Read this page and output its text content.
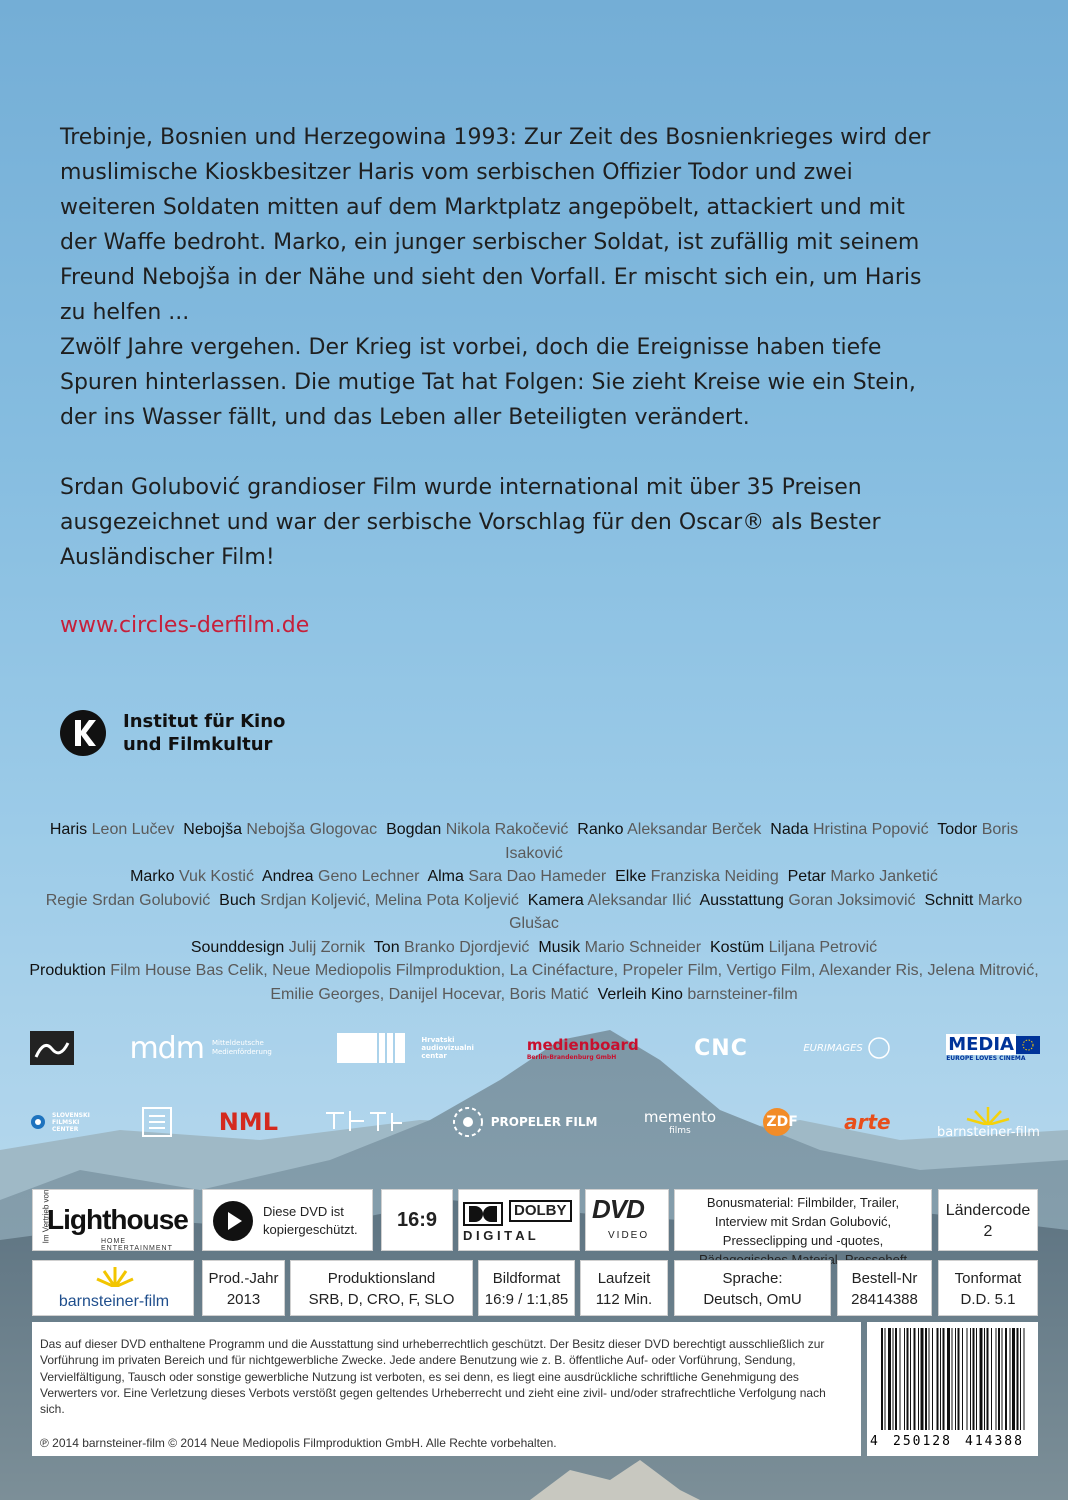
Trebinje, Bosnien und Herzegowina 1993: Zur Zeit des Bosnienkrieges wird der muslimische Kioskbesitzer Haris vom serbischen Offizier Todor und zwei weiteren Soldaten mitten auf dem Marktplatz angepöbelt, attackiert und mit der Waffe bedroht. Marko, ein junger serbischer Soldat, ist zufällig mit seinem Freund Nebojša in der Nähe und sieht den Vorfall. Er mischt sich ein, um Haris zu helfen ...

Zwölf Jahre vergehen. Der Krieg ist vorbei, doch die Ereignisse haben tiefe Spuren hinterlassen. Die mutige Tat hat Folgen: Sie zieht Kreise wie ein Stein, der ins Wasser fällt, und das Leben aller Beteiligten verändert.

Srdan Golubović grandioser Film wurde international mit über 35 Preisen ausgezeichnet und war der serbische Vorschlag für den Oscar® als Bester Ausländischer Film!

www.circles-derfilm.de
Institut für Kino
und Filmkultur
Haris Leon Lučev Nebojša Nebojša Glogovac Bogdan Nikola Rakočević Ranko Aleksandar Berček Nada Hristina Popović Todor Boris Isaković
Marko Vuk Kostić Andrea Geno Lechner Alma Sara Dao Hameder Elke Franziska Neiding Petar Marko Janketić
Regie Srdan Golubović Buch Srdjan Koljević, Melina Pota Koljević Kamera Aleksandar Ilić Ausstattung Goran Joksimović Schnitt Marko Glušac
Sounddesign Julij Zornik Ton Branko Djordjević Musik Mario Schneider Kostüm Liljana Petrović
Produktion Film House Bas Celik, Neue Mediopolis Filmproduktion, La Cinéfacture, Propeler Film, Vertigo Film, Alexander Ris, Jelena Mitrović,
Emilie Georges, Danijel Hocevar, Boris Matić Verleih Kino barnsteiner-film
mdm Mitteldeutsche Medienförderung
Hrvatski audiovizualni centar
medienboard
Berlin-Brandenburg GmbH	CNC	EURIMAGES	MEDIA
EUROPE LOVES CINEMA
SLOVENSKI FILMSKI CENTER	NML	PROPELER FILM	memento
films
ZDF arte	barnsteiner-film
Im Vertrieb von
Lighthouse
HOME ENTERTAINMENT
Diese DVD ist kopiergeschützt.	16:9	DOLBY
D I G I T A L
DVD
VIDEO
Bonusmaterial: Filmbilder, Trailer, Interview mit Srdan Golubović, Presseclipping und -quotes,
Ländercode
2
barnsteiner-film
Prod.-Jahr
2013
Produktionsland
SRB, D, CRO, F, SLO
Bildformat
16:9 / 1:1,85
Laufzeit
112 Min.
Sprache:
Deutsch, OmU
Bestell-Nr
28414388
Tonformat
D.D. 5.1
Das auf dieser DVD enthaltene Programm und die Ausstattung sind urheberrechtlich geschützt. Der Besitz dieser DVD berechtigt ausschließlich zur Vorführung im privaten Bereich und für nichtgewerbliche Zwecke. Jede andere Benutzung wie z. B. öffentliche Auf- oder Vorführung, Sendung, Vervielfältigung, Tausch oder sonstige gewerbliche Nutzung ist verboten, es sei denn, es liegt eine ausdrückliche schriftliche Genehmigung des Verwerters vor. Eine Verletzung dieses Verbots verstößt gegen geltendes Urheberrecht und zieht eine zivil- und/oder strafrechtliche Verfolgung nach sich.
℗ 2014 barnsteiner-film © 2014 Neue Mediopolis Filmproduktion GmbH. Alle Rechte vorbehalten.	4 250128 414388
